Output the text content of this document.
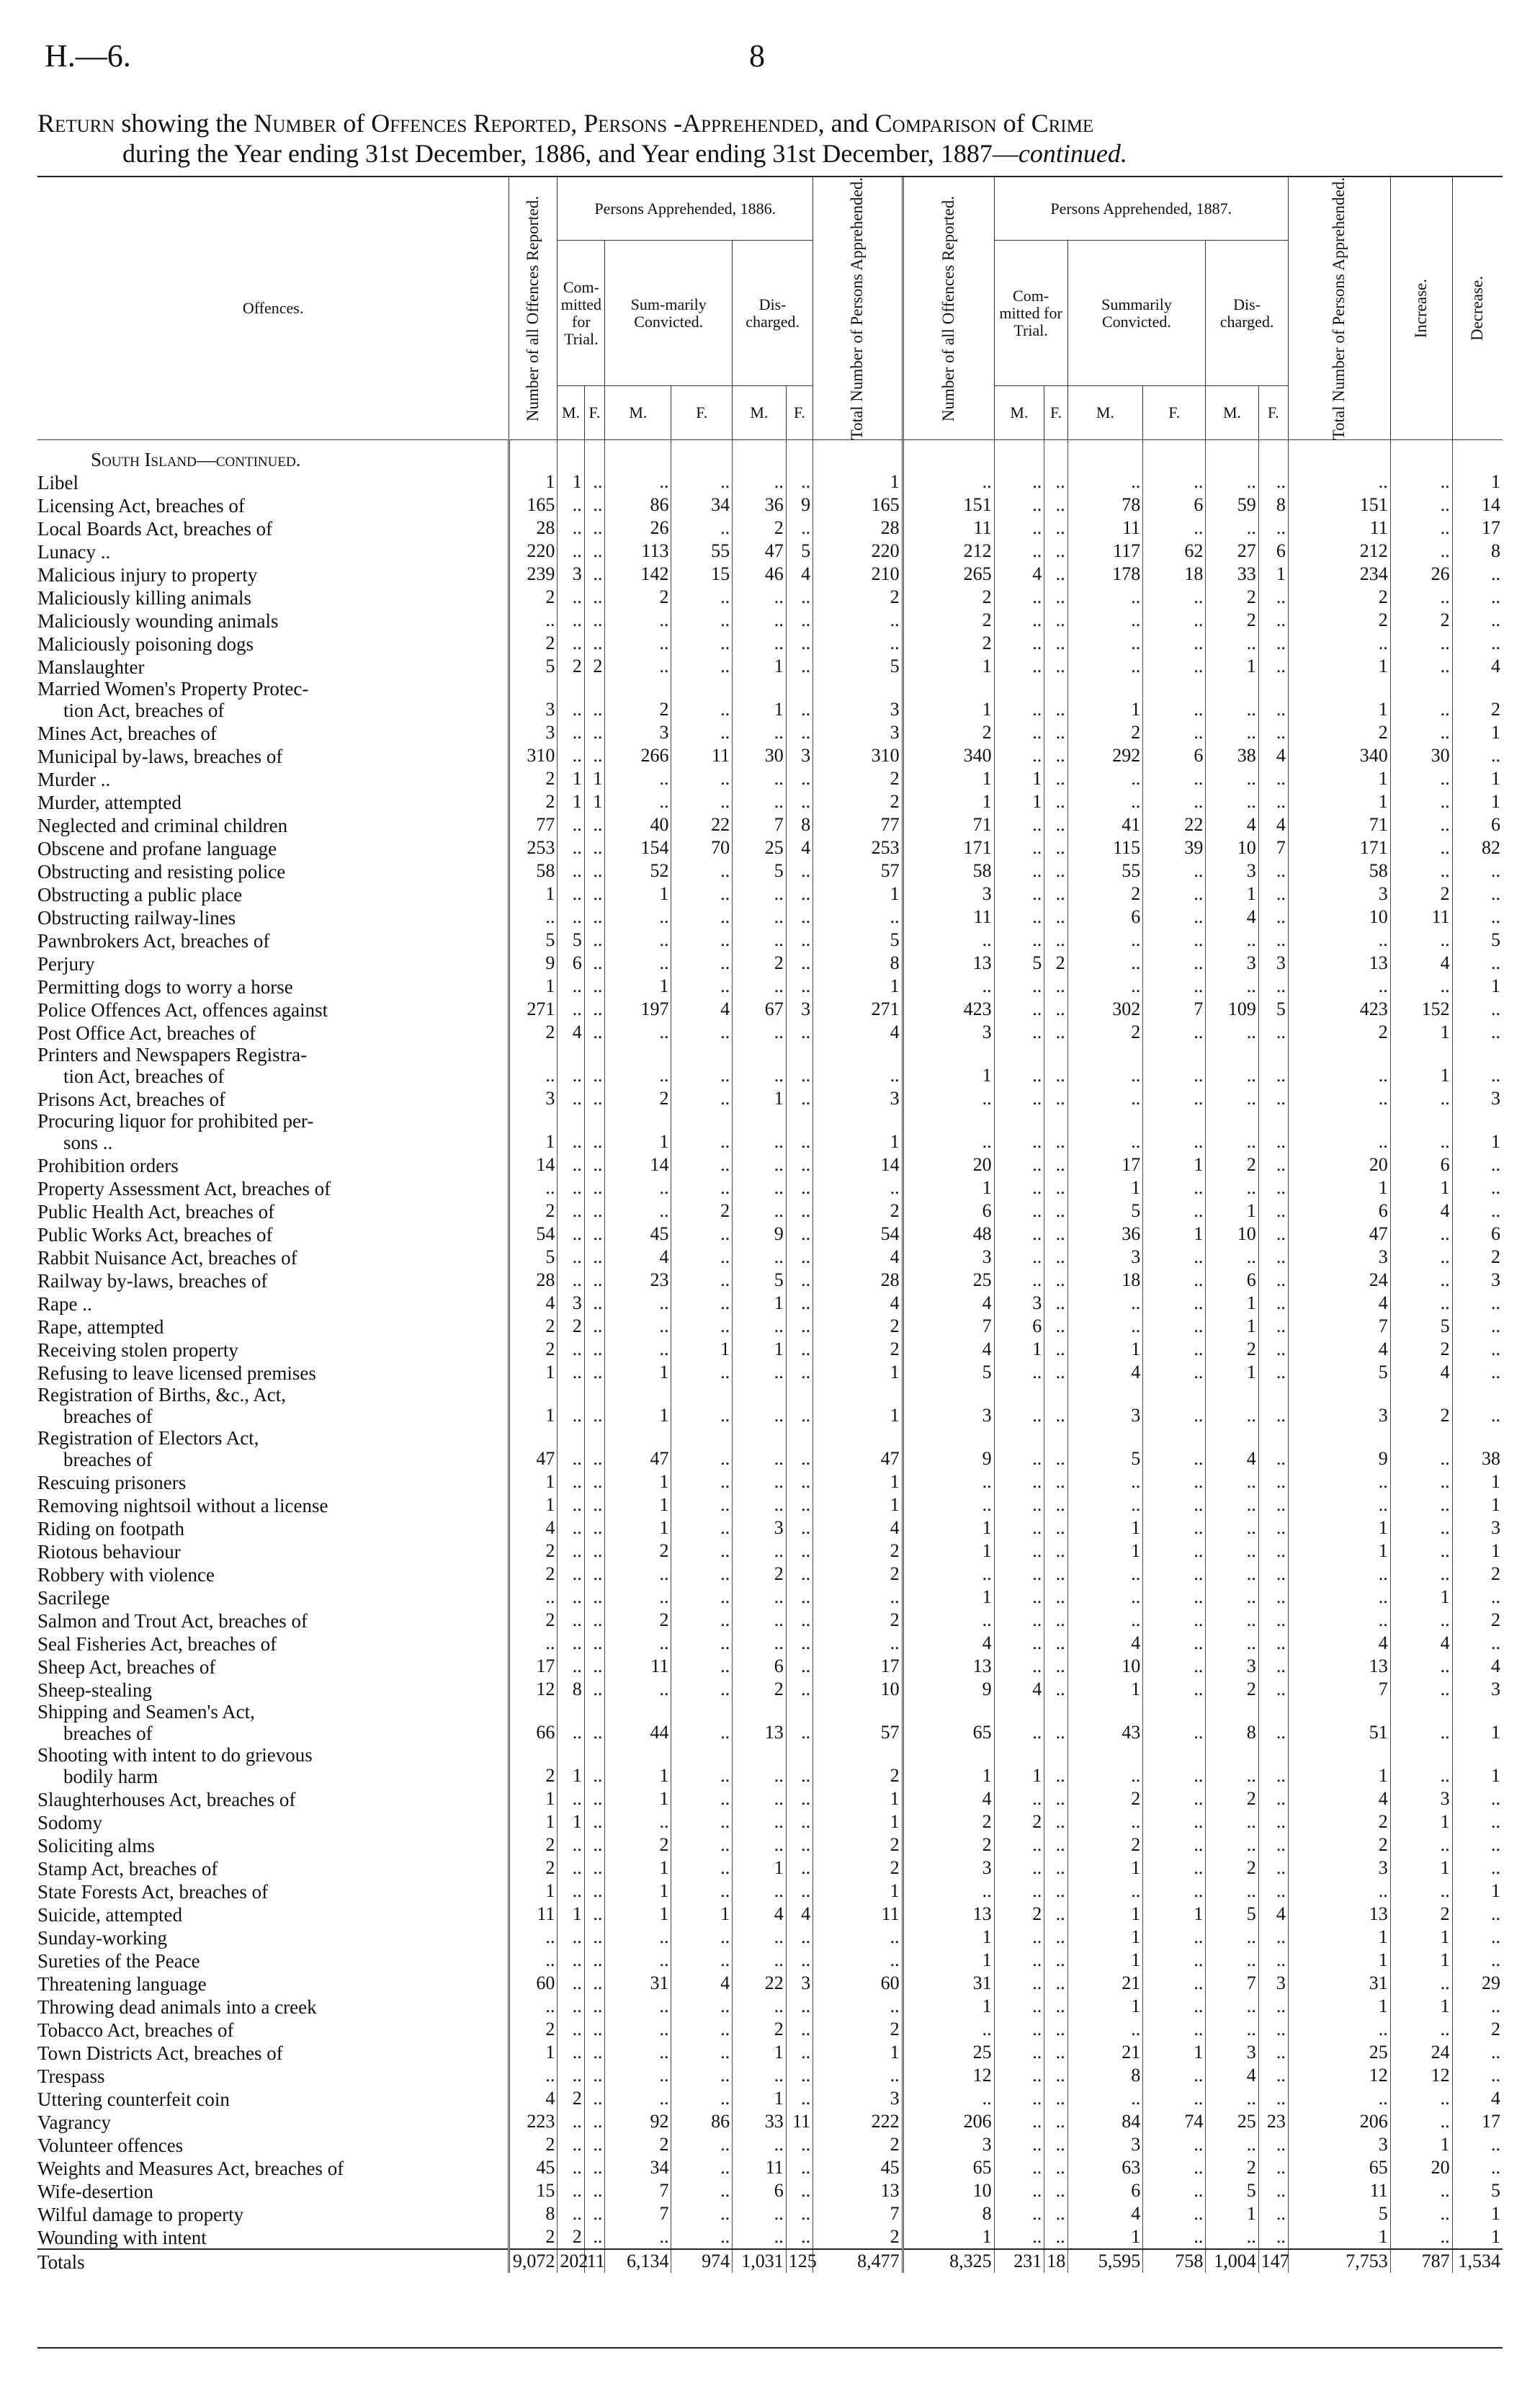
H.—6.	8
Return showing the Number of Offences Reported, Persons -Apprehended, and Comparison of Crime
during the Year ending 31st December, 1886, and Year ending 31st December, 1887—continued.
Offences.	Number of all Offences Reported.	Persons Apprehended, 1886.						Total Number of Persons Apprehended.	Number of all Offences Reported.	Persons Apprehended, 1887.						Total Number of Persons Apprehended.	Increase.	Decrease.

		Com-mitted for Trial.		Sum-marily Convicted.		Dis-charged.				Com-mitted for Trial.		Summarily Convicted.		Dis-charged.				
		M.	F.	M.	F.	M.	F.			M.	F.	M.	F.	M.	F.			
South Island—continued.																		
Libel	1	1	..	..	..	..	..	1	..	..	..	..	..	..	..	..	..	1
Licensing Act, breaches of	165	..	..	86	34	36	9	165	151	..	..	78	6	59	8	151	..	14
Local Boards Act, breaches of	28	..	..	26	..	2	..	28	11	..	..	11	..	..	..	11	..	17
Lunacy ..	220	..	..	113	55	47	5	220	212	..	..	117	62	27	6	212	..	8
Malicious injury to property	239	3	..	142	15	46	4	210	265	4	..	178	18	33	1	234	26	..
Maliciously killing animals	2	..	..	2	..	..	..	2	2	..	..	..	..	2	..	2	..	..
Maliciously wounding animals	..	..	..	..	..	..	..	..	2	..	..	..	..	2	..	2	2	..
Maliciously poisoning dogs	2	..	..	..	..	..	..	..	2	..	..	..	..	..	..	..	..	..
Manslaughter	5	2	2	..	..	1	..	5	1	..	..	..	..	1	..	1	..	4
Married Women's Property Protec-
tion Act, breaches of	3	..	..	2	..	1	..	3	1	..	..	1	..	..	..	1	..	2
Mines Act, breaches of	3	..	..	3	..	..	..	3	2	..	..	2	..	..	..	2	..	1
Municipal by-laws, breaches of	310	..	..	266	11	30	3	310	340	..	..	292	6	38	4	340	30	..
Murder ..	2	1	1	..	..	..	..	2	1	1	..	..	..	..	..	1	..	1
Murder, attempted	2	1	1	..	..	..	..	2	1	1	..	..	..	..	..	1	..	1
Neglected and criminal children	77	..	..	40	22	7	8	77	71	..	..	41	22	4	4	71	..	6
Obscene and profane language	253	..	..	154	70	25	4	253	171	..	..	115	39	10	7	171	..	82
Obstructing and resisting police	58	..	..	52	..	5	..	57	58	..	..	55	..	3	..	58	..	..
Obstructing a public place	1	..	..	1	..	..	..	1	3	..	..	2	..	1	..	3	2	..
Obstructing railway-lines	..	..	..	..	..	..	..	..	11	..	..	6	..	4	..	10	11	..
Pawnbrokers Act, breaches of	5	5	..	..	..	..	..	5	..	..	..	..	..	..	..	..	..	5
Perjury	9	6	..	..	..	2	..	8	13	5	2	..	..	3	3	13	4	..
Permitting dogs to worry a horse	1	..	..	1	..	..	..	1	..	..	..	..	..	..	..	..	..	1
Police Offences Act, offences against	271	..	..	197	4	67	3	271	423	..	..	302	7	109	5	423	152	..
Post Office Act, breaches of	2	4	..	..	..	..	..	4	3	..	..	2	..	..	..	2	1	..
Printers and Newspapers Registra-
tion Act, breaches of	..	..	..	..	..	..	..	..	1	..	..	..	..	..	..	..	1	..
Prisons Act, breaches of	3	..	..	2	..	1	..	3	..	..	..	..	..	..	..	..	..	3
Procuring liquor for prohibited per-
sons ..	1	..	..	1	..	..	..	1	..	..	..	..	..	..	..	..	..	1
Prohibition orders	14	..	..	14	..	..	..	14	20	..	..	17	1	2	..	20	6	..
Property Assessment Act, breaches of	..	..	..	..	..	..	..	..	1	..	..	1	..	..	..	1	1	..
Public Health Act, breaches of	2	..	..	..	2	..	..	2	6	..	..	5	..	1	..	6	4	..
Public Works Act, breaches of	54	..	..	45	..	9	..	54	48	..	..	36	1	10	..	47	..	6
Rabbit Nuisance Act, breaches of	5	..	..	4	..	..	..	4	3	..	..	3	..	..	..	3	..	2
Railway by-laws, breaches of	28	..	..	23	..	5	..	28	25	..	..	18	..	6	..	24	..	3
Rape ..	4	3	..	..	..	1	..	4	4	3	..	..	..	1	..	4	..	..
Rape, attempted	2	2	..	..	..	..	..	2	7	6	..	..	..	1	..	7	5	..
Receiving stolen property	2	..	..	..	1	1	..	2	4	1	..	1	..	2	..	4	2	..
Refusing to leave licensed premises	1	..	..	1	..	..	..	1	5	..	..	4	..	1	..	5	4	..
Registration of Births, &c., Act,
breaches of	1	..	..	1	..	..	..	1	3	..	..	3	..	..	..	3	2	..
Registration of Electors Act,
breaches of	47	..	..	47	..	..	..	47	9	..	..	5	..	4	..	9	..	38
Rescuing prisoners	1	..	..	1	..	..	..	1	..	..	..	..	..	..	..	..	..	1
Removing nightsoil without a license	1	..	..	1	..	..	..	1	..	..	..	..	..	..	..	..	..	1
Riding on footpath	4	..	..	1	..	3	..	4	1	..	..	1	..	..	..	1	..	3
Riotous behaviour	2	..	..	2	..	..	..	2	1	..	..	1	..	..	..	1	..	1
Robbery with violence	2	..	..	..	..	2	..	2	..	..	..	..	..	..	..	..	..	2
Sacrilege	..	..	..	..	..	..	..	..	1	..	..	..	..	..	..	..	1	..
Salmon and Trout Act, breaches of	2	..	..	2	..	..	..	2	..	..	..	..	..	..	..	..	..	2
Seal Fisheries Act, breaches of	..	..	..	..	..	..	..	..	4	..	..	4	..	..	..	4	4	..
Sheep Act, breaches of	17	..	..	11	..	6	..	17	13	..	..	10	..	3	..	13	..	4
Sheep-stealing	12	8	..	..	..	2	..	10	9	4	..	1	..	2	..	7	..	3
Shipping and Seamen's Act,
breaches of	66	..	..	44	..	13	..	57	65	..	..	43	..	8	..	51	..	1
Shooting with intent to do grievous
bodily harm	2	1	..	1	..	..	..	2	1	1	..	..	..	..	..	1	..	1
Slaughterhouses Act, breaches of	1	..	..	1	..	..	..	1	4	..	..	2	..	2	..	4	3	..
Sodomy	1	1	..	..	..	..	..	1	2	2	..	..	..	..	..	2	1	..
Soliciting alms	2	..	..	2	..	..	..	2	2	..	..	2	..	..	..	2	..	..
Stamp Act, breaches of	2	..	..	1	..	1	..	2	3	..	..	1	..	2	..	3	1	..
State Forests Act, breaches of	1	..	..	1	..	..	..	1	..	..	..	..	..	..	..	..	..	1
Suicide, attempted	11	1	..	1	1	4	4	11	13	2	..	1	1	5	4	13	2	..
Sunday-working	..	..	..	..	..	..	..	..	1	..	..	1	..	..	..	1	1	..
Sureties of the Peace	..	..	..	..	..	..	..	..	1	..	..	1	..	..	..	1	1	..
Threatening language	60	..	..	31	4	22	3	60	31	..	..	21	..	7	3	31	..	29
Throwing dead animals into a creek	..	..	..	..	..	..	..	..	1	..	..	1	..	..	..	1	1	..
Tobacco Act, breaches of	2	..	..	..	..	2	..	2	..	..	..	..	..	..	..	..	..	2
Town Districts Act, breaches of	1	..	..	..	..	1	..	1	25	..	..	21	1	3	..	25	24	..
Trespass	..	..	..	..	..	..	..	..	12	..	..	8	..	4	..	12	12	..
Uttering counterfeit coin	4	2	..	..	..	1	..	3	..	..	..	..	..	..	..	..	..	4
Vagrancy	223	..	..	92	86	33	11	222	206	..	..	84	74	25	23	206	..	17
Volunteer offences	2	..	..	2	..	..	..	2	3	..	..	3	..	..	..	3	1	..
Weights and Measures Act, breaches of	45	..	..	34	..	11	..	45	65	..	..	63	..	2	..	65	20	..
Wife-desertion	15	..	..	7	..	6	..	13	10	..	..	6	..	5	..	11	..	5
Wilful damage to property	8	..	..	7	..	..	..	7	8	..	..	4	..	1	..	5	..	1
Wounding with intent	2	2	..	..	..	..	..	2	1	..	..	1	..	..	..	1	..	1
Totals	9,072	202	11	6,134	974	1,031	125	8,477	8,325	231	18	5,595	758	1,004	147	7,753	787	1,534
